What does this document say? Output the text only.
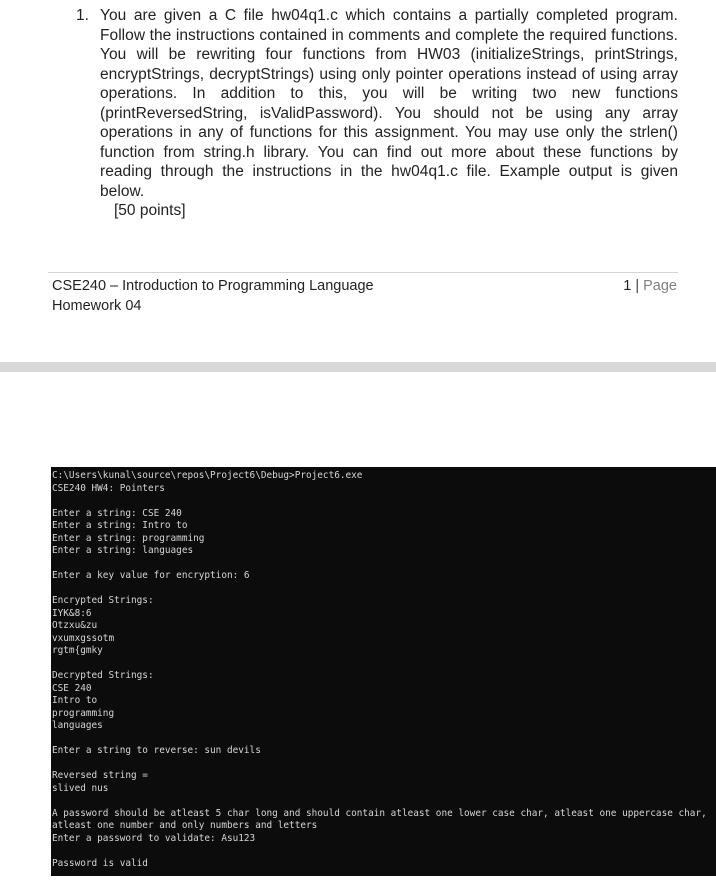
1. You are given a C file hw04q1.c which contains a partially completed program. Follow the instructions contained in comments and complete the required functions. You will be rewriting four functions from HW03 (initializeStrings, printStrings, encryptStrings, decryptStrings) using only pointer operations instead of using array operations. In addition to this, you will be writing two new functions (printReversedString, isValidPassword). You should not be using any array operations in any of functions for this assignment. You may use only the strlen() function from string.h library. You can find out more about these functions by reading through the instructions in the hw04q1.c file. Example output is given below.
[50 points]
CSE240 – Introduction to Programming Language
Homework 04
1 | Page
C:\Users\kunal\source\repos\Project6\Debug>Project6.exe
CSE240 HW4: Pointers
Enter a string: CSE 240
Enter a string: Intro to
Enter a string: programming
Enter a string: languages
Enter a key value for encryption: 6
Encrypted Strings:
IYK&8:6
Otzxu&zu
vxumxgssotm
rgtm{gmky
Decrypted Strings:
CSE 240
Intro to
programming
languages
Enter a string to reverse: sun devils
Reversed string =
slived nus
A password should be atleast 5 char long and should contain atleast one lower case char, atleast one uppercase char,
atleast one number and only numbers and letters
Enter a password to validate: Asu123
Password is valid
